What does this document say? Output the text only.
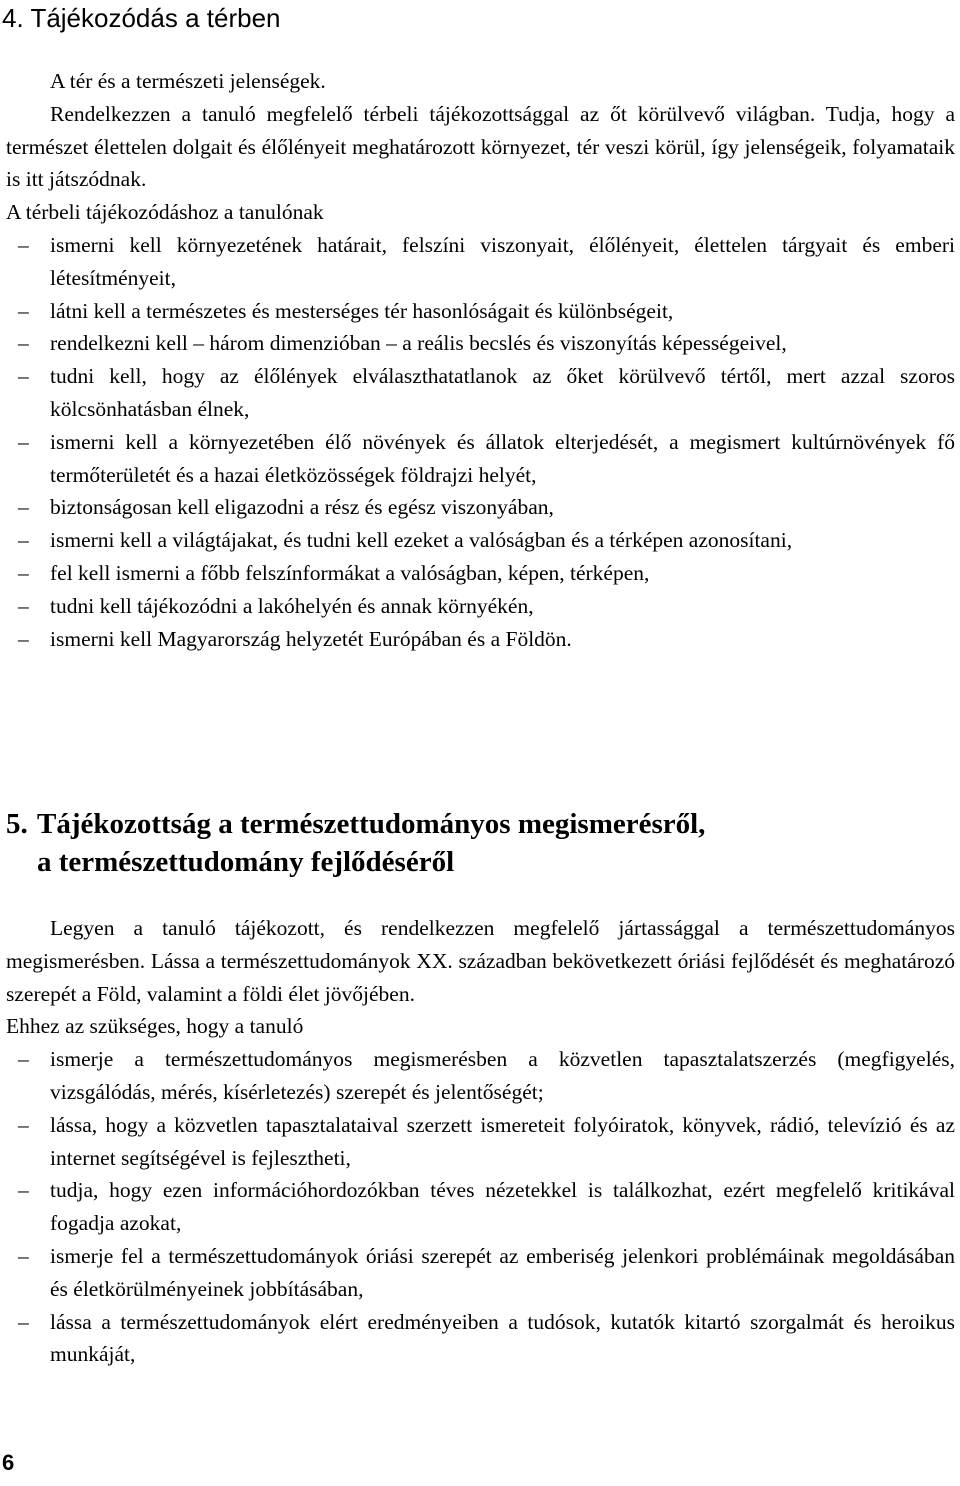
4. Tájékozódás a térben

A tér és a természeti jelenségek.

Rendelkezzen a tanuló megfelelő térbeli tájékozottsággal az őt körülvevő világban. Tudja, hogy a természet élettelen dolgait és élőlényeit meghatározott környezet, tér veszi körül, így jelenségeik, folyamataik is itt játszódnak.

A térbeli tájékozódáshoz a tanulónak

– ismerni kell környezetének határait, felszíni viszonyait, élőlényeit, élettelen tárgyait és emberi létesítményeit,
– látni kell a természetes és mesterséges tér hasonlóságait és különbségeit,
– rendelkezni kell – három dimenzióban – a reális becslés és viszonyítás képességeivel,
– tudni kell, hogy az élőlények elválaszthatatlanok az őket körülvevő tértől, mert azzal szoros kölcsönhatásban élnek,
– ismerni kell a környezetében élő növények és állatok elterjedését, a megismert kultúrnövények fő termőterületét és a hazai életközösségek földrajzi helyét,
– biztonságosan kell eligazodni a rész és egész viszonyában,
– ismerni kell a világtájakat, és tudni kell ezeket a valóságban és a térképen azonosítani,
– fel kell ismerni a főbb felszínformákat a valóságban, képen, térképen,
– tudni kell tájékozódni a lakóhelyén és annak környékén,
– ismerni kell Magyarország helyzetét Európában és a Földön.
5. Tájékozottság a természettudományos megismerésről,
a természettudomány fejlődéséről

Legyen a tanuló tájékozott, és rendelkezzen megfelelő jártassággal a természettudományos megismerésben. Lássa a természettudományok XX. században bekövetkezett óriási fejlődését és meghatározó szerepét a Föld, valamint a földi élet jövőjében.

Ehhez az szükséges, hogy a tanuló

– ismerje a természettudományos megismerésben a közvetlen tapasztalatszerzés (megfigyelés, vizsgálódás, mérés, kísérletezés) szerepét és jelentőségét;
– lássa, hogy a közvetlen tapasztalataival szerzett ismereteit folyóiratok, könyvek, rádió, televízió és az internet segítségével is fejlesztheti,
– tudja, hogy ezen információhordozókban téves nézetekkel is találkozhat, ezért megfelelő kritikával fogadja azokat,
– ismerje fel a természettudományok óriási szerepét az emberiség jelenkori problémáinak megoldásában és életkörülményeinek jobbításában,
– lássa a természettudományok elért eredményeiben a tudósok, kutatók kitartó szorgalmát és heroikus munkáját,
6
